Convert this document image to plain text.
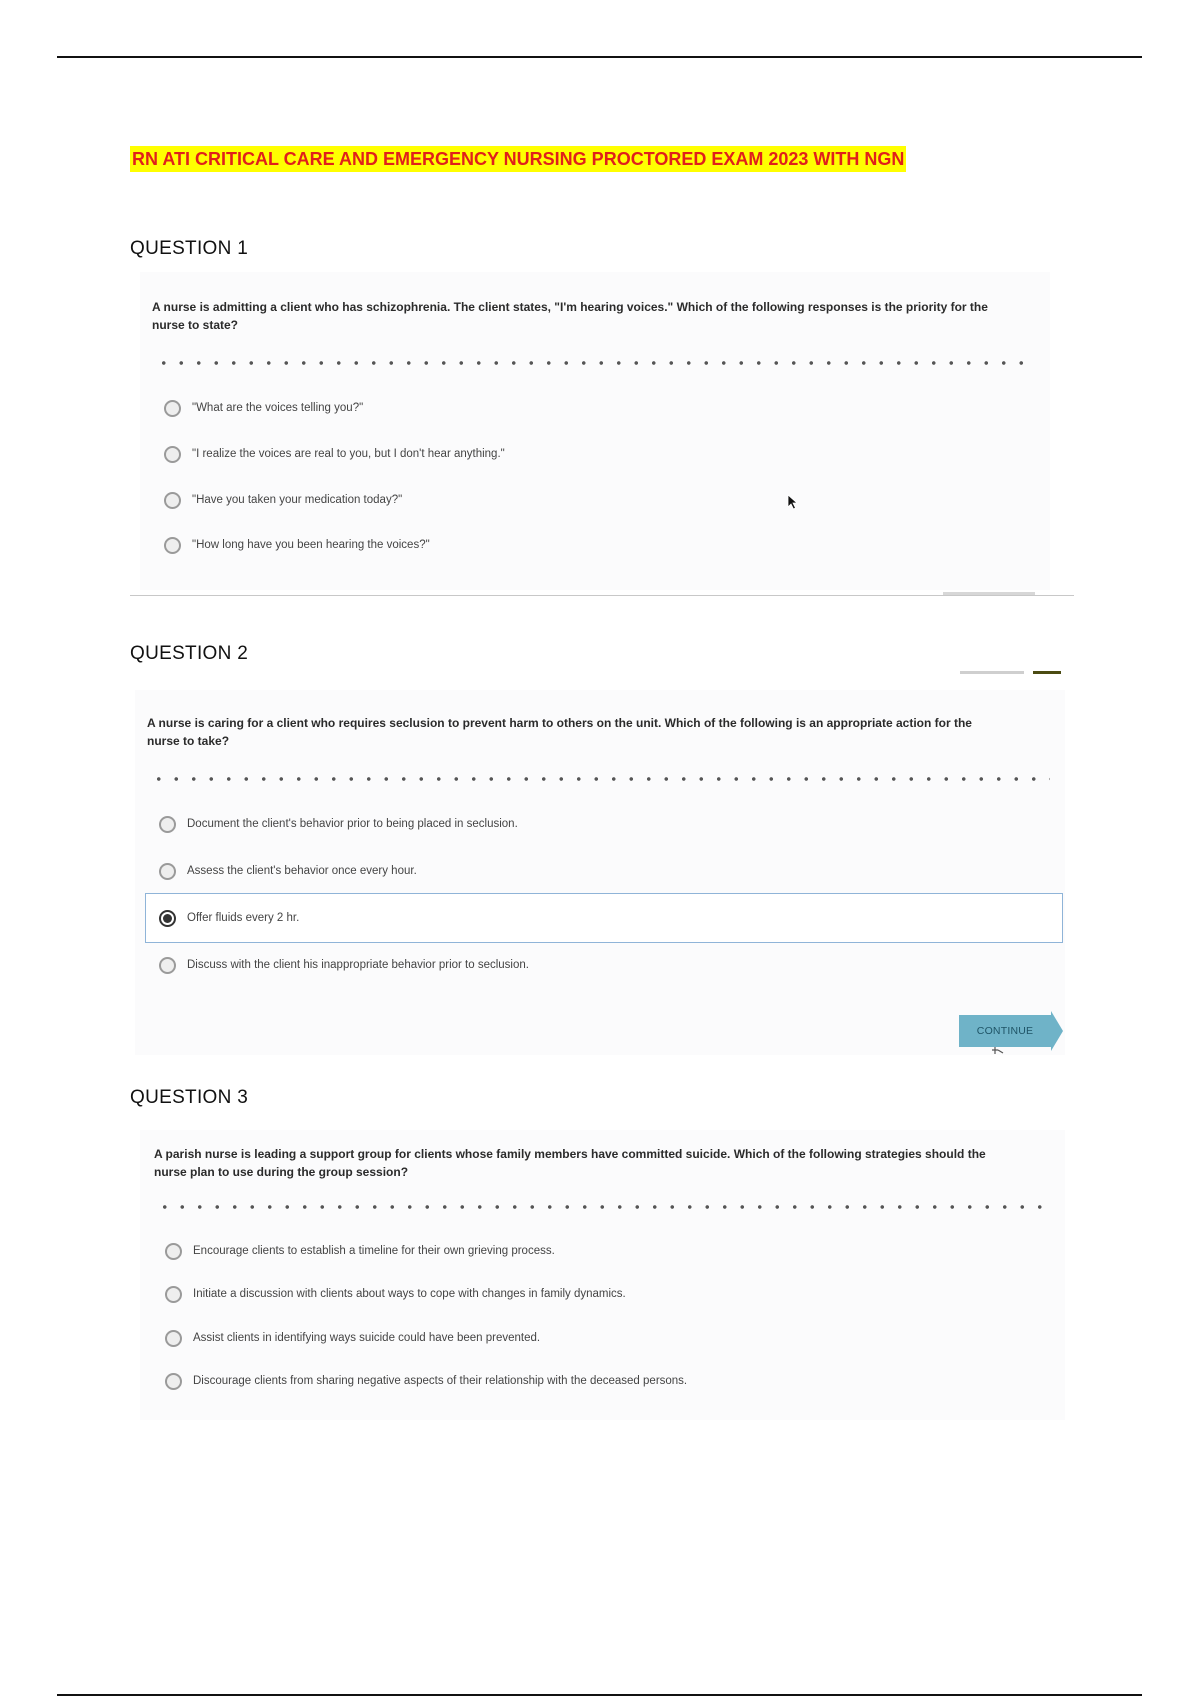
RN ATI CRITICAL CARE AND EMERGENCY NURSING PROCTORED EXAM 2023 WITH NGN
QUESTION 1
A nurse is admitting a client who has schizophrenia. The client states, "I'm hearing voices." Which of the following responses is the priority for the
nurse to state?
"What are the voices telling you?"
"I realize the voices are real to you, but I don't hear anything."
"Have you taken your medication today?"
"How long have you been hearing the voices?"
QUESTION 2
A nurse is caring for a client who requires seclusion to prevent harm to others on the unit. Which of the following is an appropriate action for the
nurse to take?
Document the client's behavior prior to being placed in seclusion.
Assess the client's behavior once every hour.
Offer fluids every 2 hr.
Discuss with the client his inappropriate behavior prior to seclusion.
CONTINUE
QUESTION 3
A parish nurse is leading a support group for clients whose family members have committed suicide. Which of the following strategies should the
nurse plan to use during the group session?
Encourage clients to establish a timeline for their own grieving process.
Initiate a discussion with clients about ways to cope with changes in family dynamics.
Assist clients in identifying ways suicide could have been prevented.
Discourage clients from sharing negative aspects of their relationship with the deceased persons.
